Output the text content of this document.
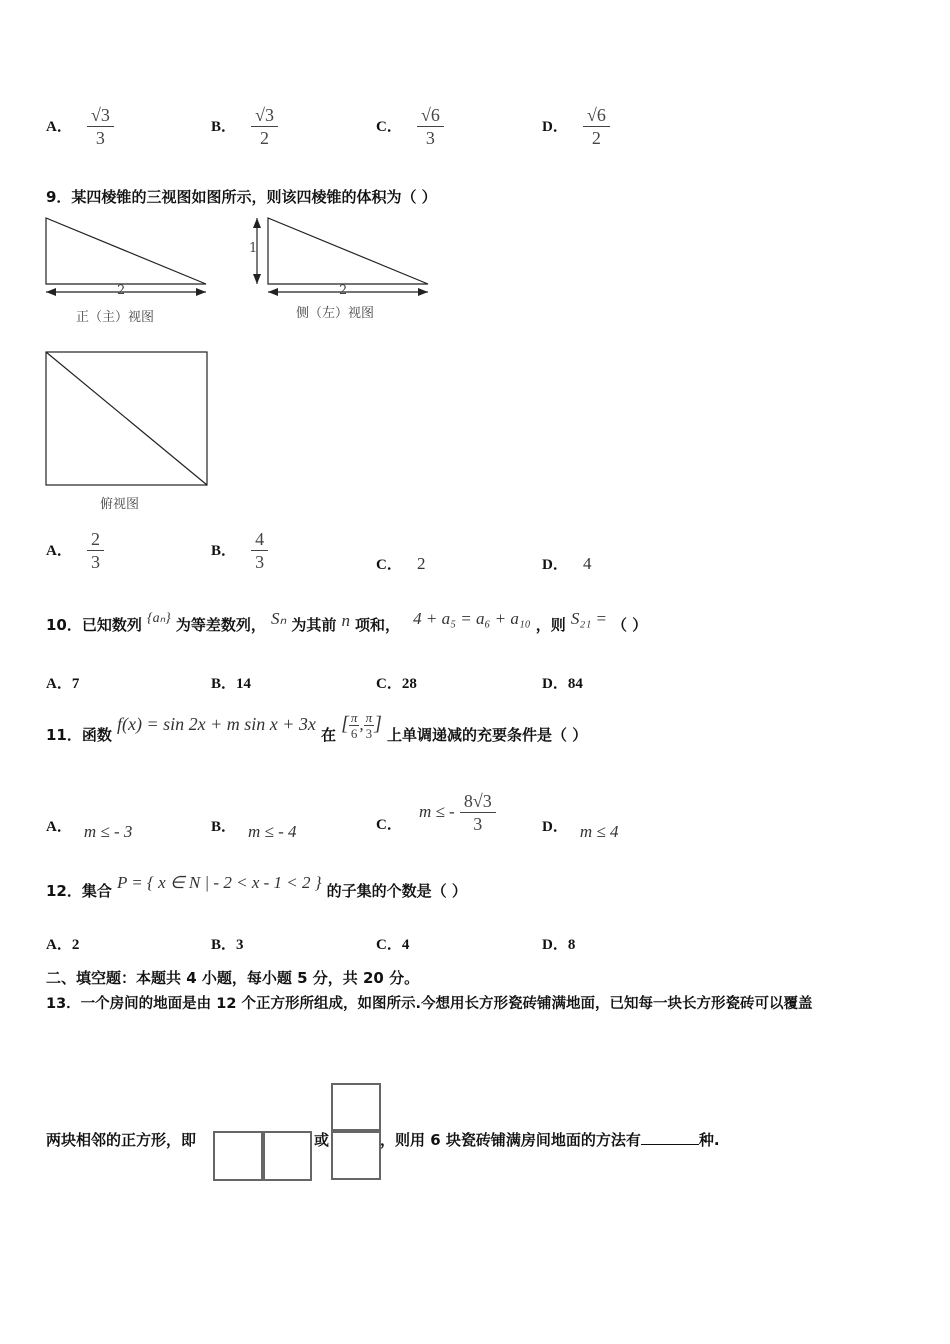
A． $\frac{√3}{3}$	B． $\frac{√3}{2}$	C． $\frac{√6}{3}$	D． $\frac{√6}{2}$
9．某四棱锥的三视图如图所示，则该四棱锥的体积为（ ）
2	2
1
正（主）视图	侧（左）视图
俯视图
A． $\frac{2}{3}$	B． $\frac{4}{3}$	C． 2	D． 4
10．已知数列 {aₙ} 为等差数列， Sₙ 为其前 n 项和， 4 + a₅ = a₆ + a₁₀ ，则 S₂₁ = （ ）
A．7	B．14	C．28	D．84
11．函数 f(x) = sin 2x + m sin x + 3x 在 [ $\frac{\pi}{6}$ , $\frac{\pi}{3}$ ] 上单调递减的充要条件是（ ）
A． m ≤ - 3	B． m ≤ - 4	C． m ≤ - $\frac{8√3}{3}$	D． m ≤ 4
12．集合 P = { x ∈ N | - 2 < x - 1 < 2 } 的子集的个数是（ ）
A．2	B．3	C．4	D．8
二、填空题：本题共 4 小题，每小题 5 分，共 20 分。
13．一个房间的地面是由 12 个正方形所组成，如图所示.今想用长方形瓷砖铺满地面，已知每一块长方形瓷砖可以覆盖
两块相邻的正方形，即	或	，则用 6 块瓷砖铺满房间地面的方法有	种.
